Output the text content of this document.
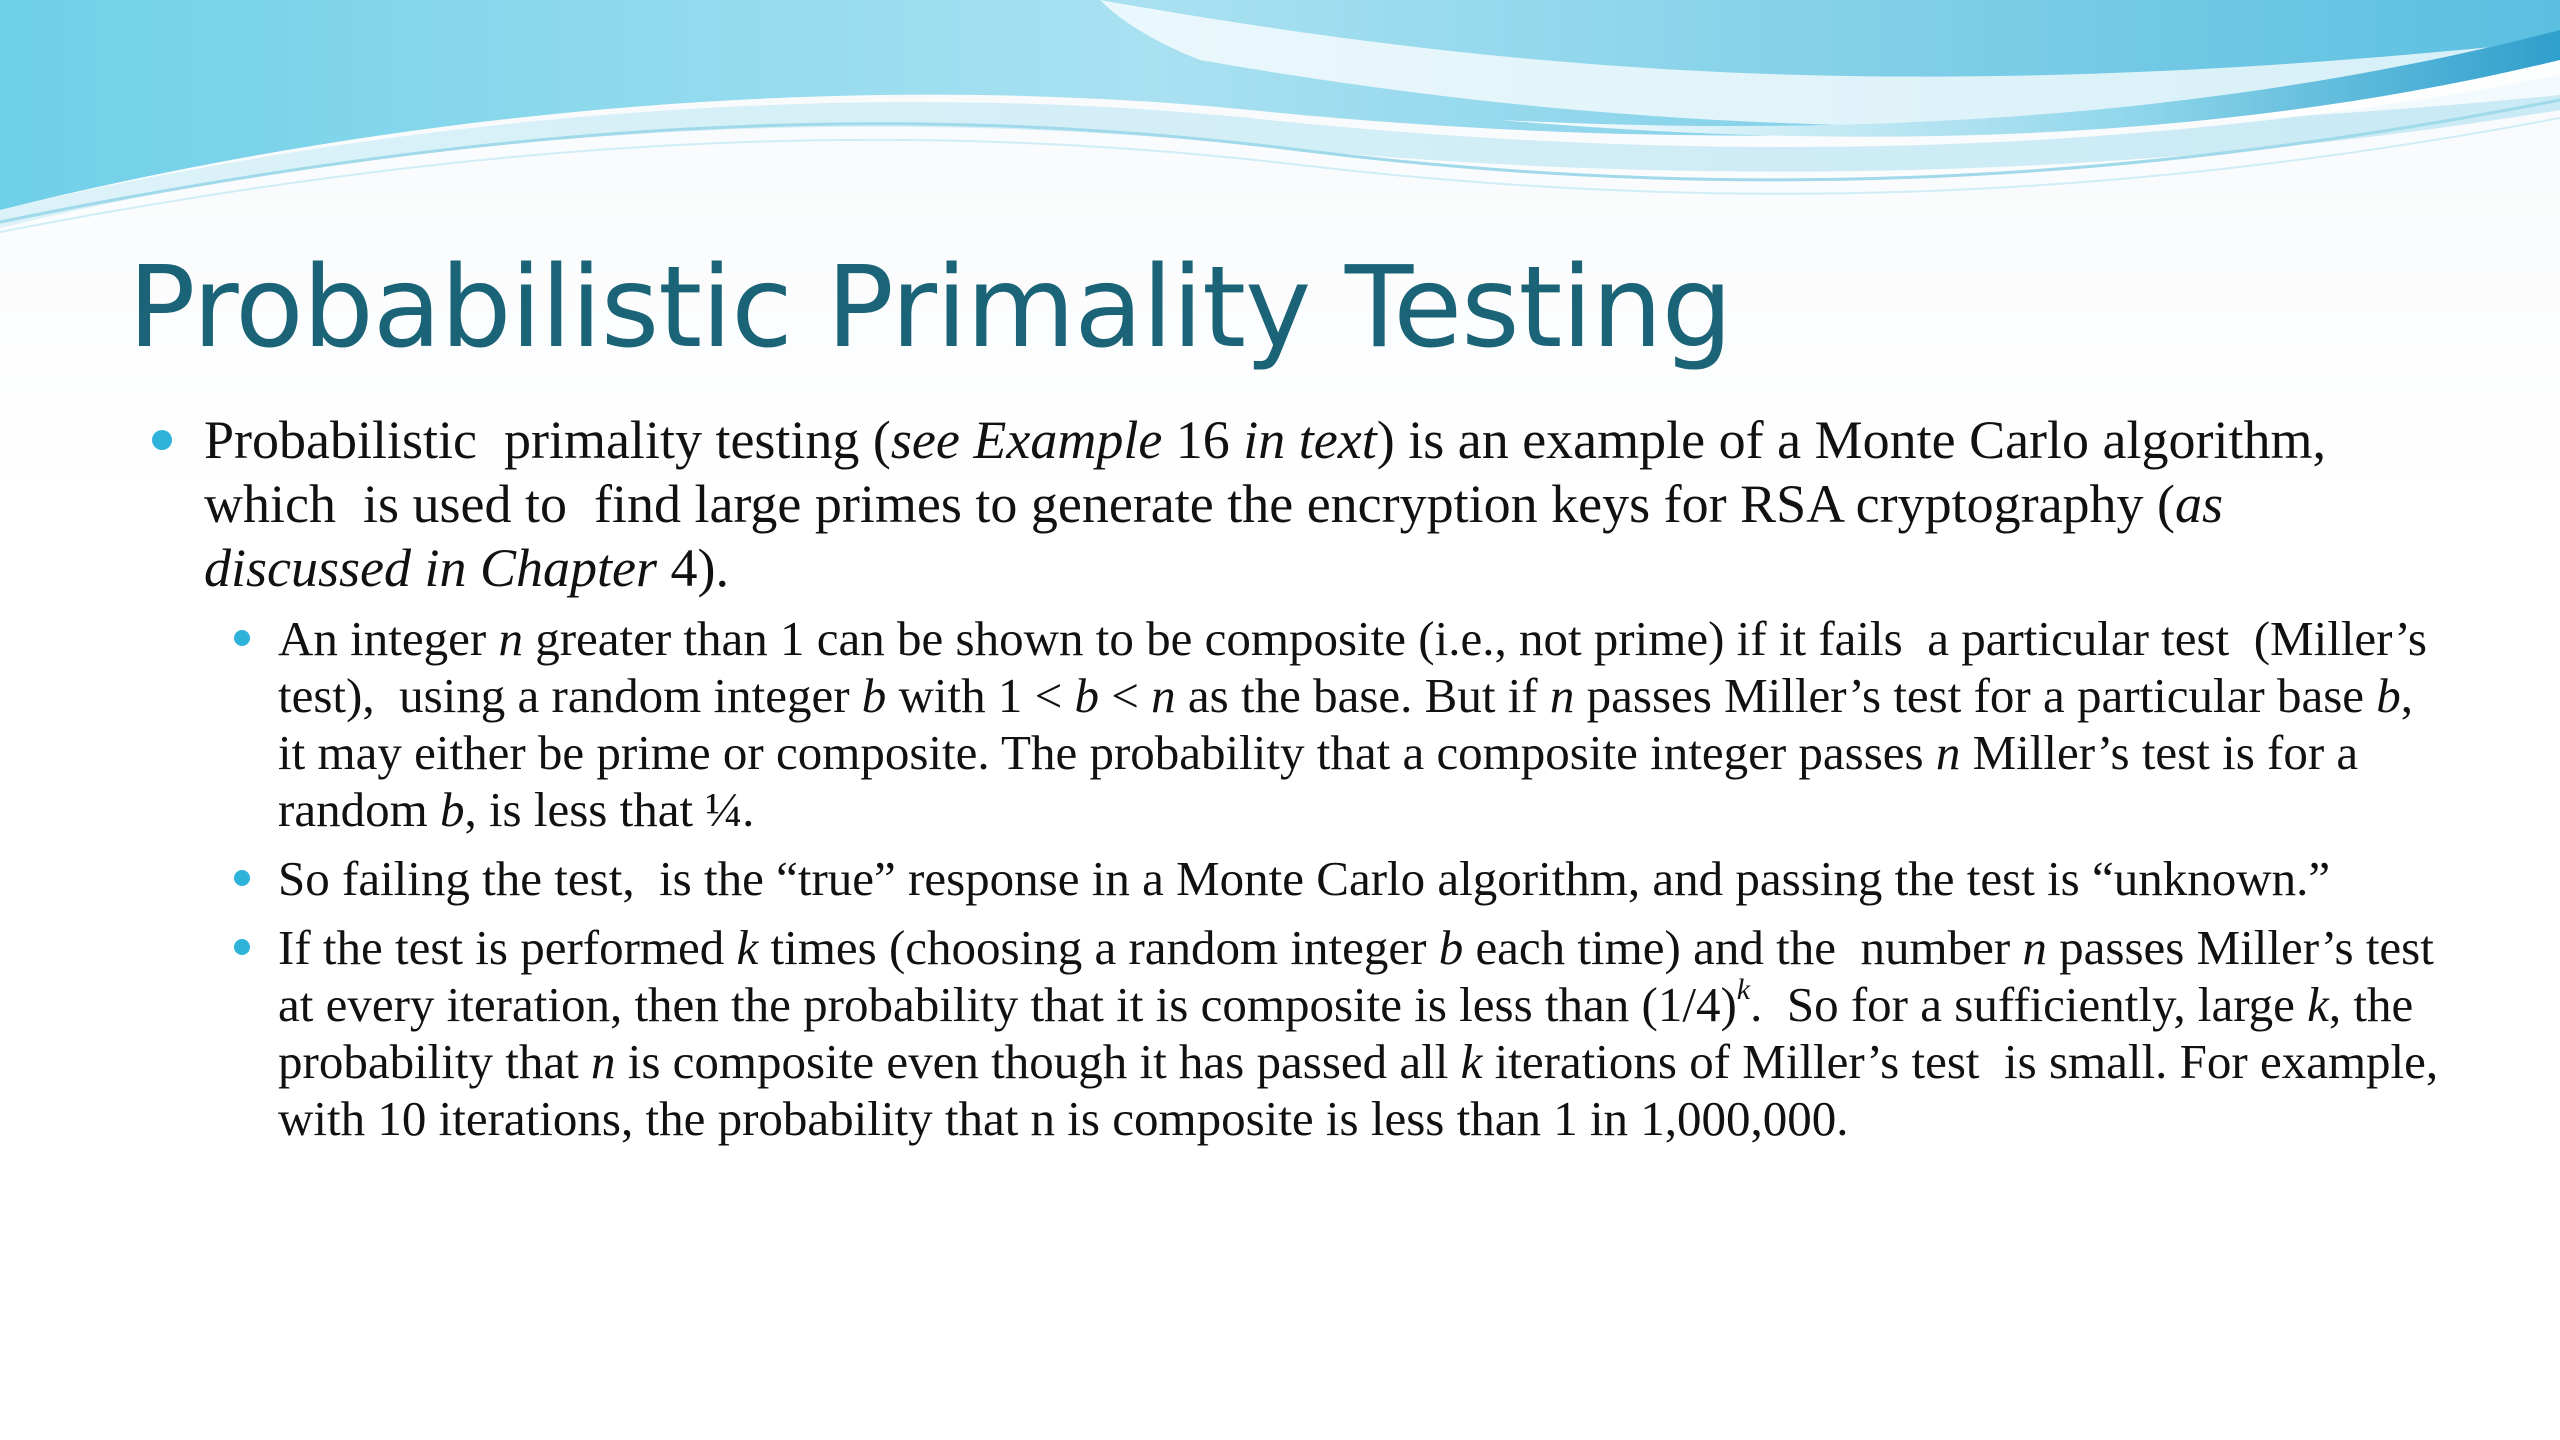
Probabilistic Primality Testing
Probabilistic  primality testing (see Example 16 in text) is an example of a Monte Carlo algorithm, which  is used to  find large primes to generate the encryption keys for RSA cryptography (as discussed in Chapter 4).
An integer n greater than 1 can be shown to be composite (i.e., not prime) if it fails  a particular test  (Miller’s test),  using a random integer b with 1 < b < n as the base. But if n passes Miller’s test for a particular base b, it may either be prime or composite. The probability that a composite integer passes n Miller’s test is for a random b, is less that ¼.
So failing the test,  is the “true” response in a Monte Carlo algorithm, and passing the test is “unknown.”
If the test is performed k times (choosing a random integer b each time) and the  number n passes Miller’s test at every iteration, then the probability that it is composite is less than $(1/4)^k$.  So for a sufficiently, large k, the probability that n is composite even though it has passed all k iterations of Miller’s test  is small. For example, with 10 iterations, the probability that n is composite is less than 1 in 1,000,000.
